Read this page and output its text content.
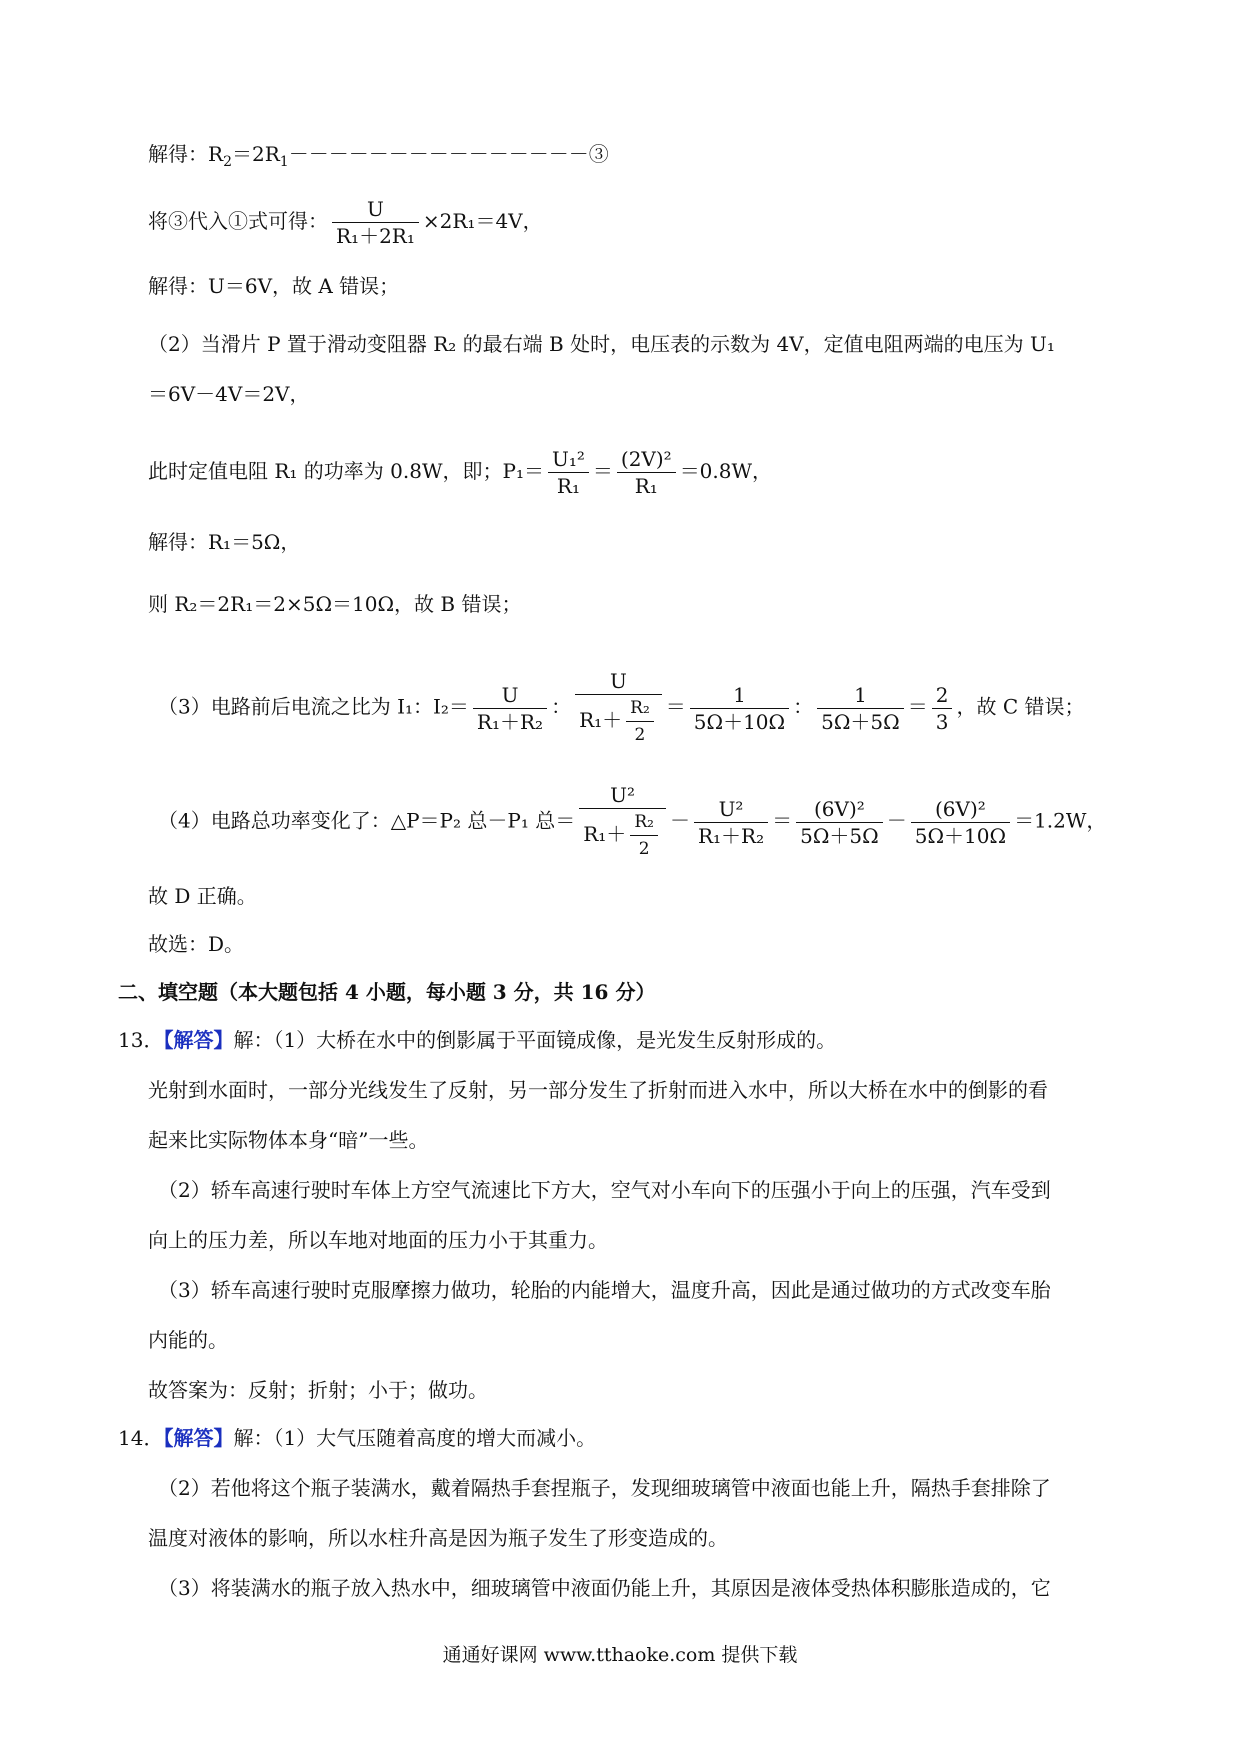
解得：$R_2=2R_1---------------③$
将③代入①式可得： $\frac{U}{\text{R₁＋2R₁}} \times 2R_1=4V$，
解得：U＝6V，故 A 错误；
（2）当滑片 P 置于滑动变阻器 R₂ 的最右端 B 处时，电压表的示数为 4V，定值电阻两端的电压为 U₁
＝6V－4V＝2V，
此时定值电阻 R₁ 的功率为 0.8W，即；$P_1= \frac{\text{U₁²}}{\text{R₁}} = \frac{\text{(2V)²}}{\text{R₁}} =0.8W$，
解得：R₁＝5Ω，
则 R₂＝2R₁＝2×5Ω＝10Ω，故 B 错误；
（3）电路前后电流之比为 I₁：$I_2= \frac{U}{\text{R₁＋R₂}}$ ： $\frac{U}{R_1+ \frac{\text{R₂}}{2}} = \frac{1}{5\Omega+10\Omega}$ ： $\frac{1}{5\Omega+5\Omega} = \frac{2}{3}$ ，故 C 错误；
（4）电路总功率变化了：△P＝P₂ 总－P₁ 总＝ $\frac{\text{U²}}{R_1+ \frac{\text{R₂}}{2}} - \frac{\text{U²}}{\text{R₁＋R₂}} = \frac{\text{(6V)²}}{5\Omega+5\Omega} - \frac{\text{(6V)²}}{5\Omega+10\Omega} =1.2W$，
故 D 正确。
故选：D。
二、填空题（本大题包括 4 小题，每小题 3 分，共 16 分）
13．【解答】解：（1）大桥在水中的倒影属于平面镜成像，是光发生反射形成的。
光射到水面时，一部分光线发生了反射，另一部分发生了折射而进入水中，所以大桥在水中的倒影的看
起来比实际物体本身“暗”一些。
（2）轿车高速行驶时车体上方空气流速比下方大，空气对小车向下的压强小于向上的压强，汽车受到
向上的压力差，所以车地对地面的压力小于其重力。
（3）轿车高速行驶时克服摩擦力做功，轮胎的内能增大，温度升高，因此是通过做功的方式改变车胎
内能的。
故答案为：反射；折射；小于；做功。
14．【解答】解：（1）大气压随着高度的增大而减小。
（2）若他将这个瓶子装满水，戴着隔热手套捏瓶子，发现细玻璃管中液面也能上升，隔热手套排除了
温度对液体的影响，所以水柱升高是因为瓶子发生了形变造成的。
（3）将装满水的瓶子放入热水中，细玻璃管中液面仍能上升，其原因是液体受热体积膨胀造成的，它
通通好课网 www.tthaoke.com 提供下载
